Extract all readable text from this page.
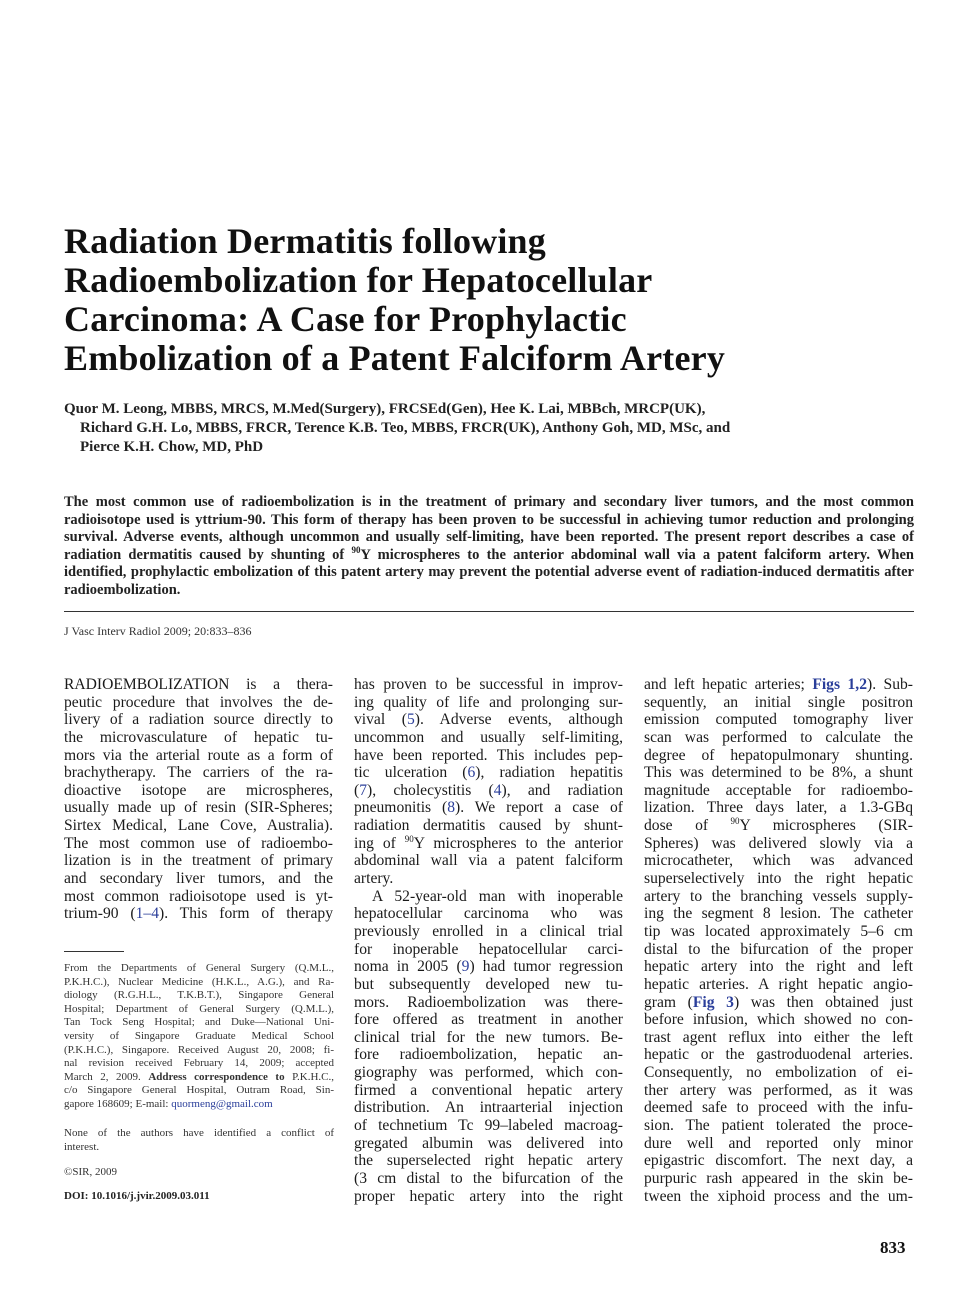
Radiation Dermatitis following
Radioembolization for Hepatocellular
Carcinoma: A Case for Prophylactic
Embolization of a Patent Falciform Artery
Quor M. Leong, MBBS, MRCS, M.Med(Surgery), FRCSEd(Gen), Hee K. Lai, MBBch, MRCP(UK),
Richard G.H. Lo, MBBS, FRCR, Terence K.B. Teo, MBBS, FRCR(UK), Anthony Goh, MD, MSc, and
Pierce K.H. Chow, MD, PhD
The most common use of radioembolization is in the treatment of primary and secondary liver tumors, and the most common radioisotope used is yttrium-90. This form of therapy has been proven to be successful in achieving tumor reduction and prolonging survival. Adverse events, although uncommon and usually self-limiting, have been reported. The present report describes a case of radiation dermatitis caused by shunting of $^{90}$Y microspheres to the anterior abdominal wall via a patent falciform artery. When identified, prophylactic embolization of this patent artery may prevent the potential adverse event of radiation-induced dermatitis after radioembolization.
J Vasc Interv Radiol 2009; 20:833–836
RADIOEMBOLIZATION is a thera-
peutic procedure that involves the de-
livery of a radiation source directly to
the microvasculature of hepatic tu-
mors via the arterial route as a form of
brachytherapy. The carriers of the ra-
dioactive isotope are microspheres,
usually made up of resin (SIR-Spheres;
Sirtex Medical, Lane Cove, Australia).
The most common use of radioembo-
lization is in the treatment of primary
and secondary liver tumors, and the
most common radioisotope used is yt-
trium-90 (1–4). This form of therapy
From the Departments of General Surgery (Q.M.L.,
P.K.H.C.), Nuclear Medicine (H.K.L., A.G.), and Ra-
diology (R.G.H.L., T.K.B.T.), Singapore General
Hospital; Department of General Surgery (Q.M.L.),
Tan Tock Seng Hospital; and Duke—National Uni-
versity of Singapore Graduate Medical School
(P.K.H.C.), Singapore. Received August 20, 2008; fi-
nal revision received February 14, 2009; accepted
March 2, 2009. Address correspondence to P.K.H.C.,
c/o Singapore General Hospital, Outram Road, Sin-
gapore 168609; E-mail: quormeng@gmail.com
None of the authors have identified a conflict of
interest.
©SIR, 2009
DOI: 10.1016/j.jvir.2009.03.011
has proven to be successful in improv-
ing quality of life and prolonging sur-
vival (5). Adverse events, although
uncommon and usually self-limiting,
have been reported. This includes pep-
tic ulceration (6), radiation hepatitis
(7), cholecystitis (4), and radiation
pneumonitis (8). We report a case of
radiation dermatitis caused by shunt-
ing of $^{90}$Y microspheres to the anterior
abdominal wall via a patent falciform
artery.
A 52-year-old man with inoperable
hepatocellular carcinoma who was
previously enrolled in a clinical trial
for inoperable hepatocellular carci-
noma in 2005 (9) had tumor regression
but subsequently developed new tu-
mors. Radioembolization was there-
fore offered as treatment in another
clinical trial for the new tumors. Be-
fore radioembolization, hepatic an-
giography was performed, which con-
firmed a conventional hepatic artery
distribution. An intraarterial injection
of technetium Tc 99–labeled macroag-
gregated albumin was delivered into
the superselected right hepatic artery
(3 cm distal to the bifurcation of the
proper hepatic artery into the right
and left hepatic arteries; Figs 1,2). Sub-
sequently, an initial single positron
emission computed tomography liver
scan was performed to calculate the
degree of hepatopulmonary shunting.
This was determined to be 8%, a shunt
magnitude acceptable for radioembo-
lization. Three days later, a 1.3-GBq
dose of $^{90}$Y microspheres (SIR-
Spheres) was delivered slowly via a
microcatheter, which was advanced
superselectively into the right hepatic
artery to the branching vessels supply-
ing the segment 8 lesion. The catheter
tip was located approximately 5–6 cm
distal to the bifurcation of the proper
hepatic artery into the right and left
hepatic arteries. A right hepatic angio-
gram (Fig 3) was then obtained just
before infusion, which showed no con-
trast agent reflux into either the left
hepatic or the gastroduodenal arteries.
Consequently, no embolization of ei-
ther artery was performed, as it was
deemed safe to proceed with the infu-
sion. The patient tolerated the proce-
dure well and reported only minor
epigastric discomfort. The next day, a
purpuric rash appeared in the skin be-
tween the xiphoid process and the um-
833
